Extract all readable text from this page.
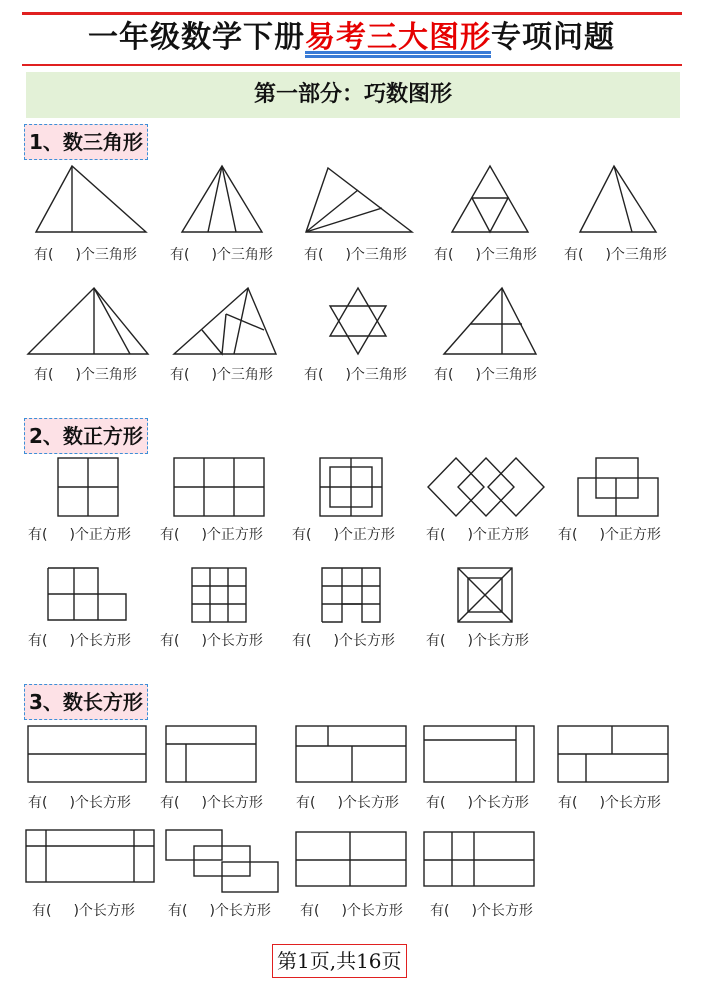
一年级数学下册易考三大图形专项问题
第一部分：巧数图形
1、数三角形
有( )个三角形 有( )个三角形 有( )个三角形 有( )个三角形 有( )个三角形
有( )个三角形 有( )个三角形 有( )个三角形 有( )个三角形
2、数正方形
有( )个正方形 有( )个正方形 有( )个正方形 有( )个正方形 有( )个正方形
有( )个长方形 有( )个长方形 有( )个长方形 有( )个长方形
3、数长方形
有( )个长方形 有( )个长方形 有( )个长方形 有( )个长方形 有( )个长方形
有( )个长方形 有( )个长方形 有( )个长方形 有( )个长方形
第1页,共16页
